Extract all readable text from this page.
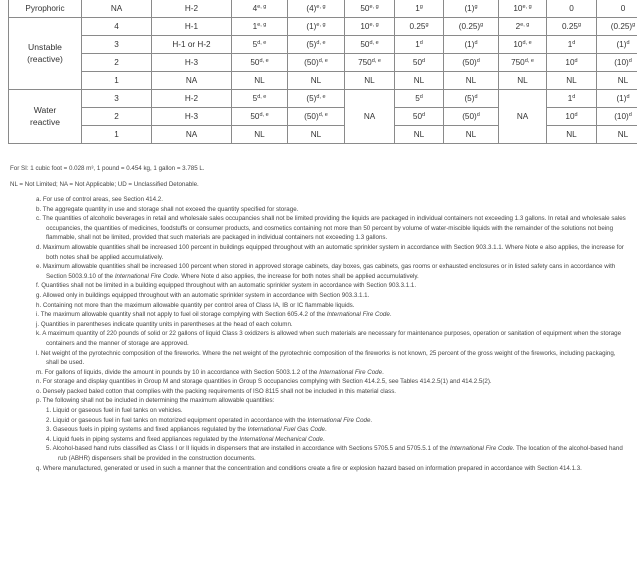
Pyrophoric	NA	H-2	4$^{e, g}$	$(4)^{e, g}$	50$^{e, g}$	1$^g$	$(1)^g$	10$^{e, g}$	0	0

Unstable
(reactive)	4	H-1	1$^{e, g}$	$(1)^{e, g}$	10$^{e, g}$	0.25$^g$	$(0.25)^g$	2$^{e, g}$	0.25$^g$	$(0.25)^g$
	3	H-1 or H-2	5$^{d, e}$	$(5)^{d, e}$	50$^{d, e}$	1$^d$	$(1)^d$	10$^{d, e}$	1$^d$	$(1)^d$
	2	H-3	50$^{d, e}$	$(50)^{d, e}$	750$^{d, e}$	50$^d$	$(50)^d$	750$^{d, e}$	10$^d$	$(10)^d$
	1	NA	NL	NL	NL	NL	NL	NL	NL	NL

Water
reactive	3	H-2	5$^{d, e}$	$(5)^{d, e}$	NA	5$^d$	$(5)^d$	NA	1$^d$	$(1)^d$
	2	H-3	50$^{d, e}$	$(50)^{d, e}$		50$^d$	$(50)^d$		10$^d$	$(10)^d$
	1	NA	NL	NL		NL	NL		NL	NL
For SI: 1 cubic foot = 0.028 m³, 1 pound = 0.454 kg, 1 gallon = 3.785 L.
NL = Not Limited; NA = Not Applicable; UD = Unclassified Detonable.

a. For use of control areas, see Section 414.2.

b. The aggregate quantity in use and storage shall not exceed the quantity specified for storage.

c. The quantities of alcoholic beverages in retail and wholesale sales occupancies shall not be limited providing the liquids are packaged in individual containers not exceeding 1.3 gallons. In retail and wholesale sales occupancies, the quantities of medicines, foodstuffs or consumer products, and cosmetics containing not more than 50 percent by volume of water-miscible liquids with the remainder of the solutions not being flammable, shall not be limited, provided that such materials are packaged in individual containers not exceeding 1.3 gallons.

d. Maximum allowable quantities shall be increased 100 percent in buildings equipped throughout with an automatic sprinkler system in accordance with Section 903.3.1.1. Where Note e also applies, the increase for both notes shall be applied accumulatively.

e. Maximum allowable quantities shall be increased 100 percent when stored in approved storage cabinets, day boxes, gas cabinets, gas rooms or exhausted enclosures or in listed safety cans in accordance with Section 5003.9.10 of the International Fire Code. Where Note d also applies, the increase for both notes shall be applied accumulatively.

f. Quantities shall not be limited in a building equipped throughout with an automatic sprinkler system in accordance with Section 903.3.1.1.

g. Allowed only in buildings equipped throughout with an automatic sprinkler system in accordance with Section 903.3.1.1.

h. Containing not more than the maximum allowable quantity per control area of Class IA, IB or IC flammable liquids.

i. The maximum allowable quantity shall not apply to fuel oil storage complying with Section 605.4.2 of the International Fire Code.

j. Quantities in parentheses indicate quantity units in parentheses at the head of each column.

k. A maximum quantity of 220 pounds of solid or 22 gallons of liquid Class 3 oxidizers is allowed when such materials are necessary for maintenance purposes, operation or sanitation of equipment when the storage containers and the manner of storage are approved.

l. Net weight of the pyrotechnic composition of the fireworks. Where the net weight of the pyrotechnic composition of the fireworks is not known, 25 percent of the gross weight of the fireworks, including packaging, shall be used.

m. For gallons of liquids, divide the amount in pounds by 10 in accordance with Section 5003.1.2 of the International Fire Code.

n. For storage and display quantities in Group M and storage quantities in Group S occupancies complying with Section 414.2.5, see Tables 414.2.5(1) and 414.2.5(2).

o. Densely packed baled cotton that complies with the packing requirements of ISO 8115 shall not be included in this material class.

p. The following shall not be included in determining the maximum allowable quantities:

1. Liquid or gaseous fuel in fuel tanks on vehicles.

2. Liquid or gaseous fuel in fuel tanks on motorized equipment operated in accordance with the International Fire Code.

3. Gaseous fuels in piping systems and fixed appliances regulated by the International Fuel Gas Code.

4. Liquid fuels in piping systems and fixed appliances regulated by the International Mechanical Code.

5. Alcohol-based hand rubs classified as Class I or II liquids in dispensers that are installed in accordance with Sections 5705.5 and 5705.5.1 of the International Fire Code. The location of the alcohol-based hand rub (ABHR) dispensers shall be provided in the construction documents.

q. Where manufactured, generated or used in such a manner that the concentration and conditions create a fire or explosion hazard based on information prepared in accordance with Section 414.1.3.
